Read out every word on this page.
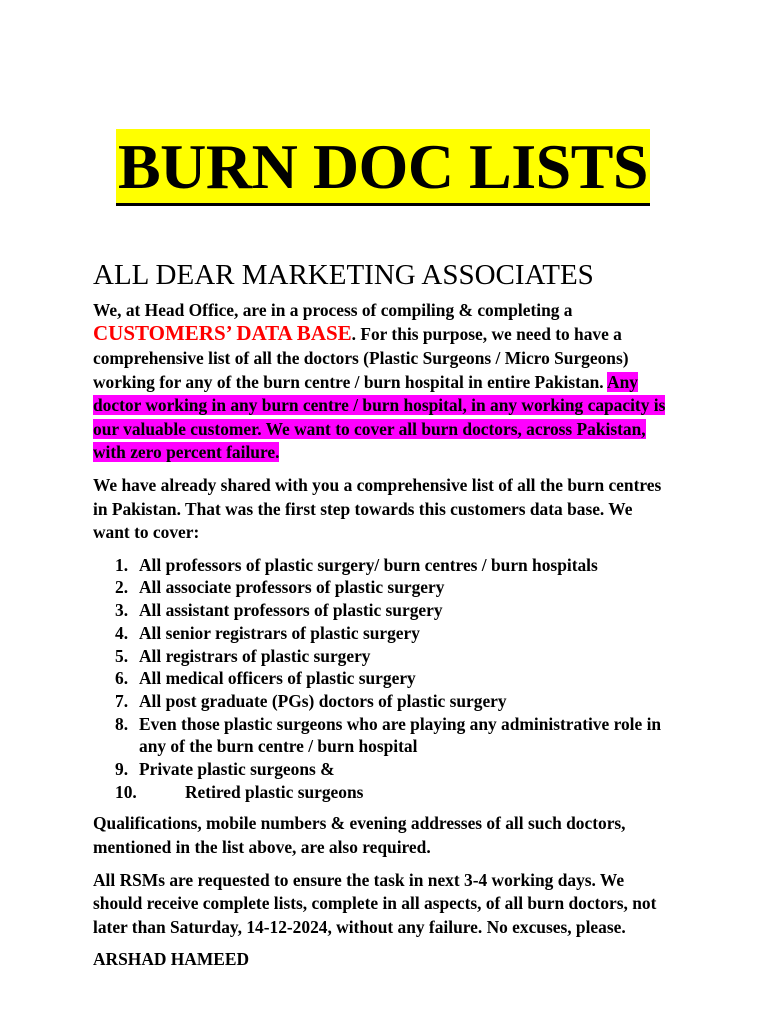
BURN DOC LISTS
ALL DEAR MARKETING ASSOCIATES

We, at Head Office, are in a process of compiling & completing a CUSTOMERS’ DATA BASE. For this purpose, we need to have a comprehensive list of all the doctors (Plastic Surgeons / Micro Surgeons) working for any of the burn centre / burn hospital in entire Pakistan. Any doctor working in any burn centre / burn hospital, in any working capacity is our valuable customer. We want to cover all burn doctors, across Pakistan, with zero percent failure.

We have already shared with you a comprehensive list of all the burn centres in Pakistan. That was the first step towards this customers data base. We want to cover:

1. All professors of plastic surgery/ burn centres / burn hospitals
2. All associate professors of plastic surgery
3. All assistant professors of plastic surgery
4. All senior registrars of plastic surgery
5. All registrars of plastic surgery
6. All medical officers of plastic surgery
7. All post graduate (PGs) doctors of plastic surgery
8. Even those plastic surgeons who are playing any administrative role in any of the burn centre / burn hospital
9. Private plastic surgeons &
10.	Retired plastic surgeons

Qualifications, mobile numbers & evening addresses of all such doctors, mentioned in the list above, are also required.

All RSMs are requested to ensure the task in next 3-4 working days. We should receive complete lists, complete in all aspects, of all burn doctors, not later than Saturday, 14-12-2024, without any failure. No excuses, please.

ARSHAD HAMEED
